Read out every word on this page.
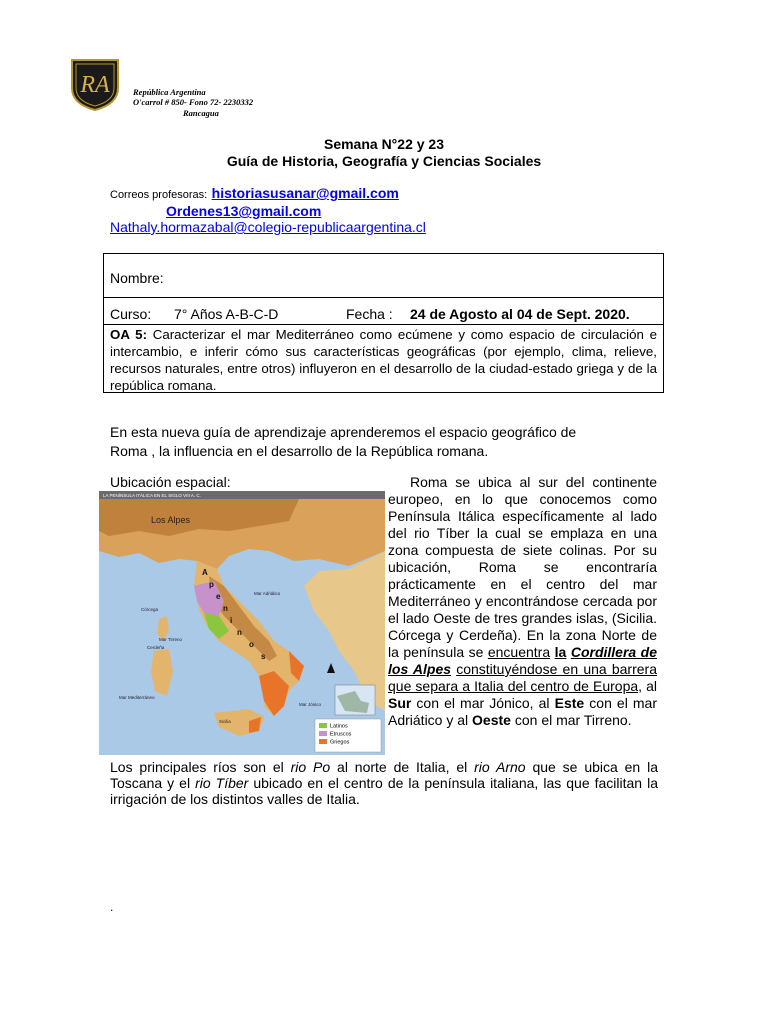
RA	República Argentina
O'carrol # 850- Fono 72- 2230332
Rancagua
Semana N°22 y 23
Guía de Historia, Geografía y Ciencias Sociales
Correos profesoras: historiasusanar@gmail.com
Ordenes13@gmail.com
Nathaly.hormazabal@colegio-republicaargentina.cl
Nombre:
Curso: 7° Años A-B-C-D	Fecha : 24 de Agosto al 04 de Sept. 2020.
OA 5: Caracterizar el mar Mediterráneo como ecúmene y como espacio de circulación e intercambio, e inferir cómo sus características geográficas (por ejemplo, clima, relieve, recursos naturales, entre otros) influyeron en el desarrollo de la ciudad-estado griega y de la república romana.
En esta nueva guía de aprendizaje aprenderemos el espacio geográfico de
Roma , la influencia en el desarrollo de la República romana.
Ubicación espacial:
LA PENÍNSULA ITÁLICA EN EL SIGLO VIII A. C.
Los Alpes
Mar Adriático
Mar Tirreno
Córcega
Cerdeña
Mar Mediterráneo
Mar Jónico
Sicilia
A
p
e
n
i
n
o
s
Latinos
Etruscos
Griegos
Roma se ubica al sur del continente europeo, en lo que conocemos como Península Itálica específicamente al lado del rio Tíber la cual se emplaza en una zona compuesta de siete colinas. Por su ubicación, Roma se encontraría prácticamente en el centro del mar Mediterráneo y encontrándose cercada por el lado Oeste de tres grandes islas, (Sicilia. Córcega y Cerdeña). En la zona Norte de la península se encuentra la Cordillera de los Alpes constituyéndose en una barrera que separa a Italia del centro de Europa, al Sur con el mar Jónico, al Este con el mar Adriático y al Oeste con el mar Tirreno.
Los principales ríos son el rio Po al norte de Italia, el rio Arno que se ubica en la Toscana y el rio Tíber ubicado en el centro de la península italiana, las que facilitan la irrigación de los distintos valles de Italia.
.
